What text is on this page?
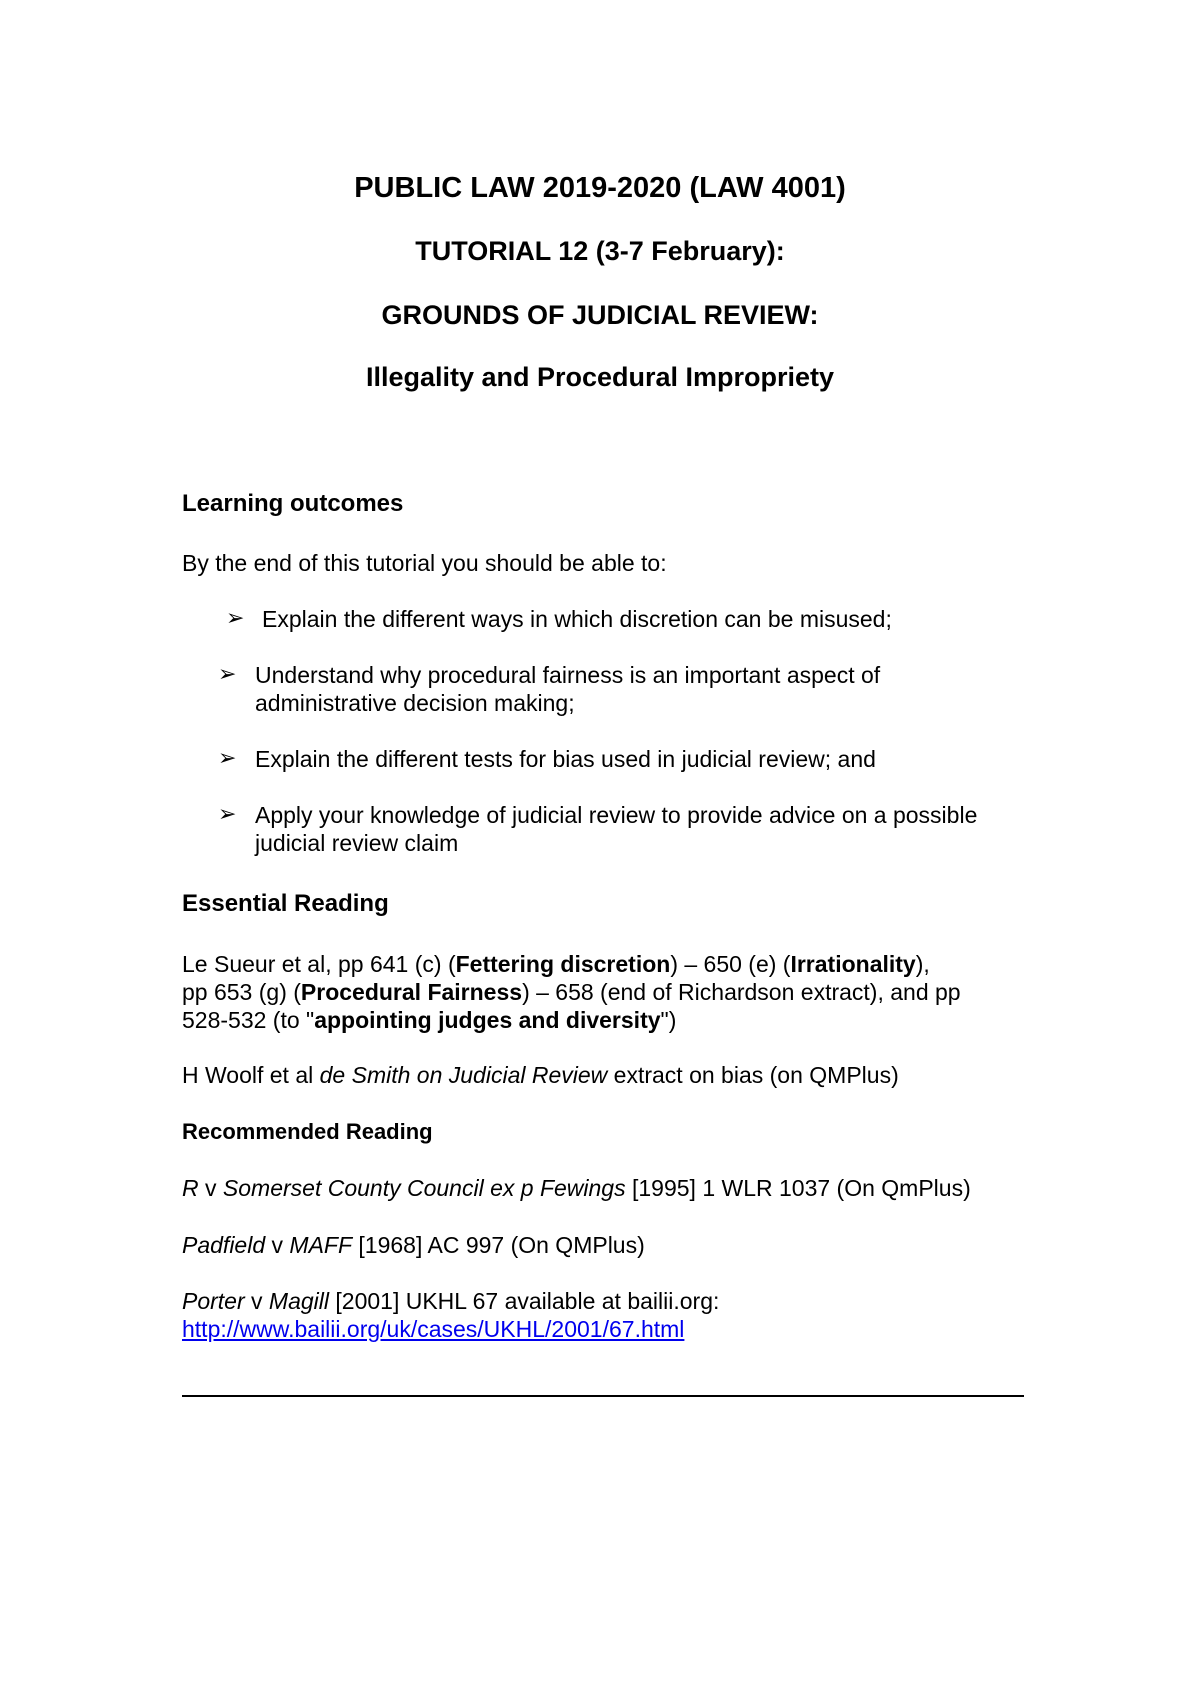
PUBLIC LAW 2019-2020 (LAW 4001)
TUTORIAL 12 (3-7 February):
GROUNDS OF JUDICIAL REVIEW:
Illegality and Procedural Impropriety
Learning outcomes
By the end of this tutorial you should be able to:
➢ Explain the different ways in which discretion can be misused;
➢ Understand why procedural fairness is an important aspect of
administrative decision making;
➢ Explain the different tests for bias used in judicial review; and
➢ Apply your knowledge of judicial review to provide advice on a possible
judicial review claim
Essential Reading
Le Sueur et al, pp 641 (c) (Fettering discretion) – 650 (e) (Irrationality),
pp 653 (g) (Procedural Fairness) – 658 (end of Richardson extract), and pp
528-532 (to "appointing judges and diversity")
H Woolf et al de Smith on Judicial Review extract on bias (on QMPlus)
Recommended Reading
R v Somerset County Council ex p Fewings [1995] 1 WLR 1037 (On QmPlus)
Padfield v MAFF [1968] AC 997 (On QMPlus)
Porter v Magill [2001] UKHL 67 available at bailii.org:
http://www.bailii.org/uk/cases/UKHL/2001/67.html
